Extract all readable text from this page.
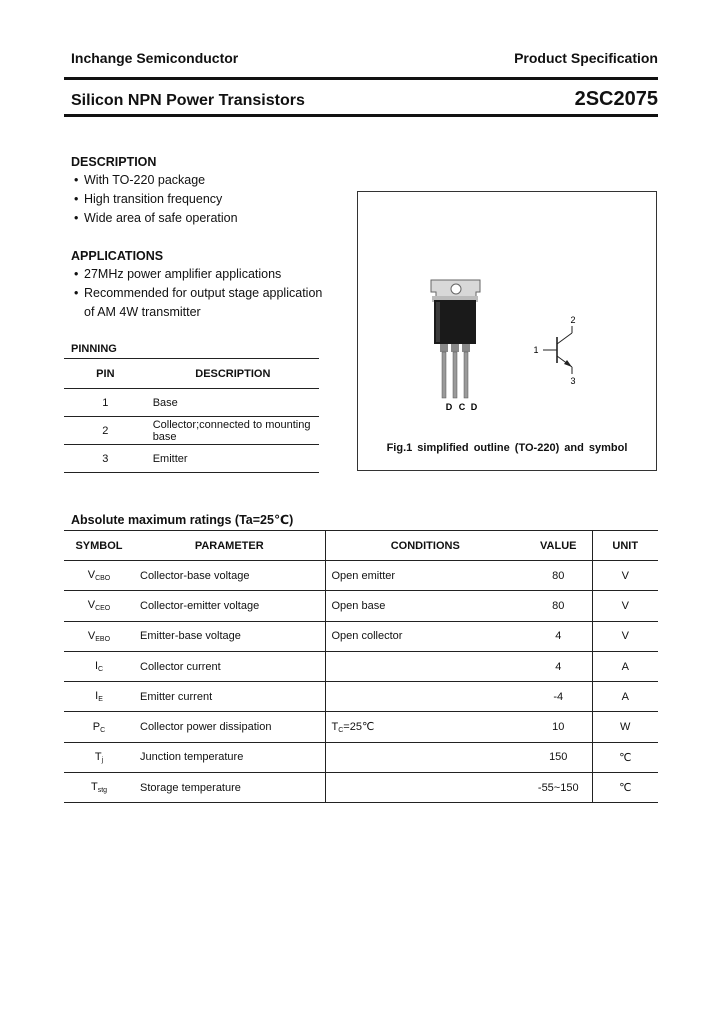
Inchange Semiconductor	Product Specification
Silicon NPN Power Transistors	2SC2075
DESCRIPTION
• With TO-220 package
• High transition frequency
• Wide area of safe operation
APPLICATIONS
• 27MHz power amplifier applications
• Recommended for output stage application
of AM 4W transmitter
PINNING
PIN	DESCRIPTION
1	Base
2	Collector;connected to mounting base
3	Emitter
D C D
1
2
3
Fig.1 simplified outline (TO-220) and symbol
Absolute maximum ratings (Ta=25℃)
SYMBOL	PARAMETER	CONDITIONS	VALUE	UNIT
$V_{CBO}$	Collector-base voltage	Open emitter	80	V
$V_{CEO}$	Collector-emitter voltage	Open base	80	V
$V_{EBO}$	Emitter-base voltage	Open collector	4	V
$I_C$	Collector current		4	A
$I_E$	Emitter current		-4	A
$P_C$	Collector power dissipation	$T_C=25℃$	10	W
$T_j$	Junction temperature		150	℃
$T_{stg}$	Storage temperature		-55~150	℃
